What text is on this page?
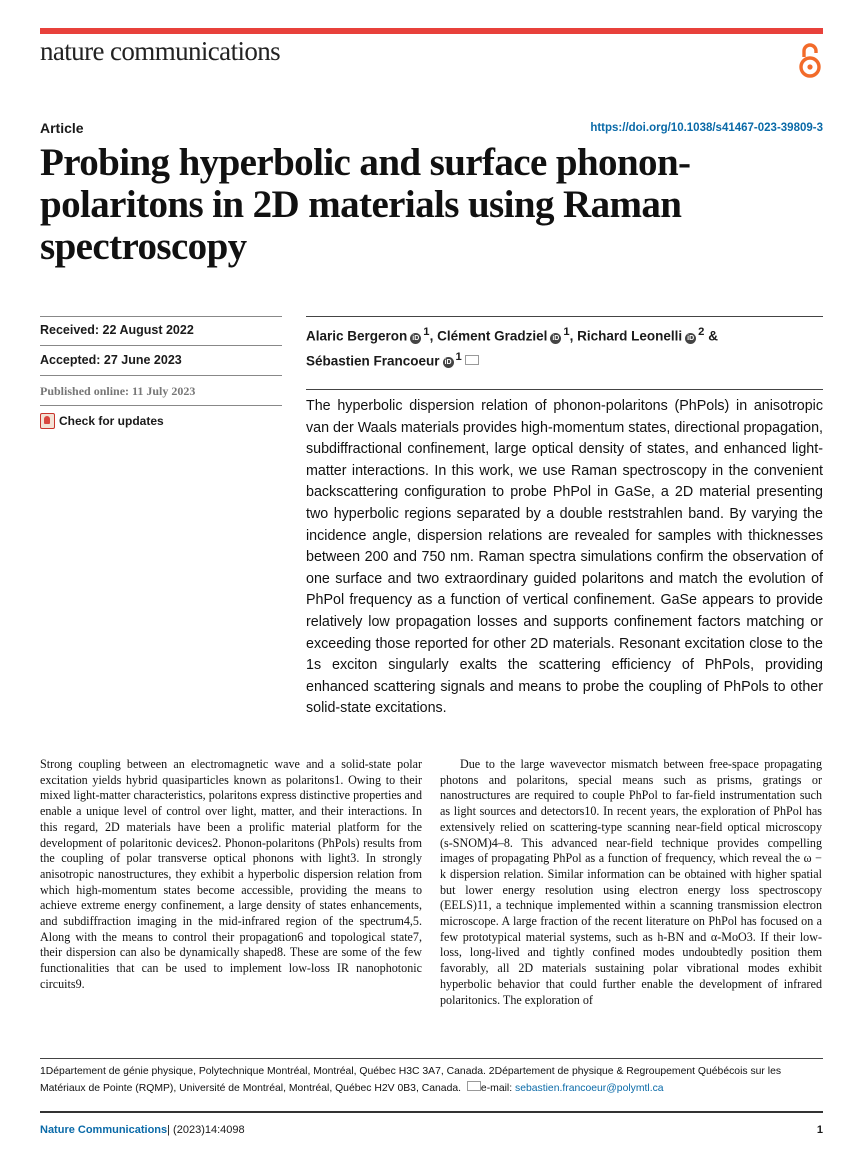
nature communications
Article	https://doi.org/10.1038/s41467-023-39809-3
Probing hyperbolic and surface phonon-polaritons in 2D materials using Raman spectroscopy
Received: 22 August 2022
Accepted: 27 June 2023
Published online: 11 July 2023
Check for updates
Alaric Bergeron iD $^1$, Clément Gradziel iD $^1$, Richard Leonelli iD $^2$ &
Sébastien Francoeur iD $^1$

The hyperbolic dispersion relation of phonon-polaritons (PhPols) in anisotropic van der Waals materials provides high-momentum states, directional propagation, subdiffractional confinement, large optical density of states, and enhanced light-matter interactions. In this work, we use Raman spectroscopy in the convenient backscattering configuration to probe PhPol in GaSe, a 2D material presenting two hyperbolic regions separated by a double reststrahlen band. By varying the incidence angle, dispersion relations are revealed for samples with thicknesses between 200 and 750 nm. Raman spectra simulations confirm the observation of one surface and two extraordinary guided polaritons and match the evolution of PhPol frequency as a function of vertical confinement. GaSe appears to provide relatively low propagation losses and supports confinement factors matching or exceeding those reported for other 2D materials. Resonant excitation close to the 1s exciton singularly exalts the scattering efficiency of PhPols, providing enhanced scattering signals and means to probe the coupling of PhPols to other solid-state excitations.

Strong coupling between an electromagnetic wave and a solid-state polar excitation yields hybrid quasiparticles known as polaritons1. Owing to their mixed light-matter characteristics, polaritons express distinctive properties and enable a unique level of control over light, matter, and their interactions. In this regard, 2D materials have been a prolific material platform for the development of polaritonic devices2. Phonon-polaritons (PhPols) results from the coupling of polar transverse optical phonons with light3. In strongly anisotropic nanostructures, they exhibit a hyperbolic dispersion relation from which high-momentum states become accessible, providing the means to achieve extreme energy confinement, a large density of states enhancements, and subdiffraction imaging in the mid-infrared region of the spectrum4,5. Along with the means to control their propagation6 and topological state7, their dispersion can also be dynamically shaped8. These are some of the few functionalities that can be used to implement low-loss IR nanophotonic circuits9.

Due to the large wavevector mismatch between free-space propagating photons and polaritons, special means such as prisms, gratings or nanostructures are required to couple PhPol to far-field instrumentation such as light sources and detectors10. In recent years, the exploration of PhPol has extensively relied on scattering-type scanning near-field optical microscopy (s-SNOM)4–8. This advanced near-field technique provides compelling images of propagating PhPol as a function of frequency, which reveal the ω − k dispersion relation. Similar information can be obtained with higher spatial but lower energy resolution using electron energy loss spectroscopy (EELS)11, a technique implemented within a scanning transmission electron microscope. A large fraction of the recent literature on PhPol has focused on a few prototypical material systems, such as h-BN and α-MoO3. If their low-loss, long-lived and tightly confined modes undoubtedly position them favorably, all 2D materials sustaining polar vibrational modes exhibit hyperbolic behavior that could further enable the development of infrared polaritonics. The exploration of

1Département de génie physique, Polytechnique Montréal, Montréal, Québec H3C 3A7, Canada. 2Département de physique & Regroupement Québécois sur les Matériaux de Pointe (RQMP), Université de Montréal, Montréal, Québec H2V 0B3, Canada. e-mail: sebastien.francoeur@polymtl.ca

Nature Communications| (2023)14:4098	1
